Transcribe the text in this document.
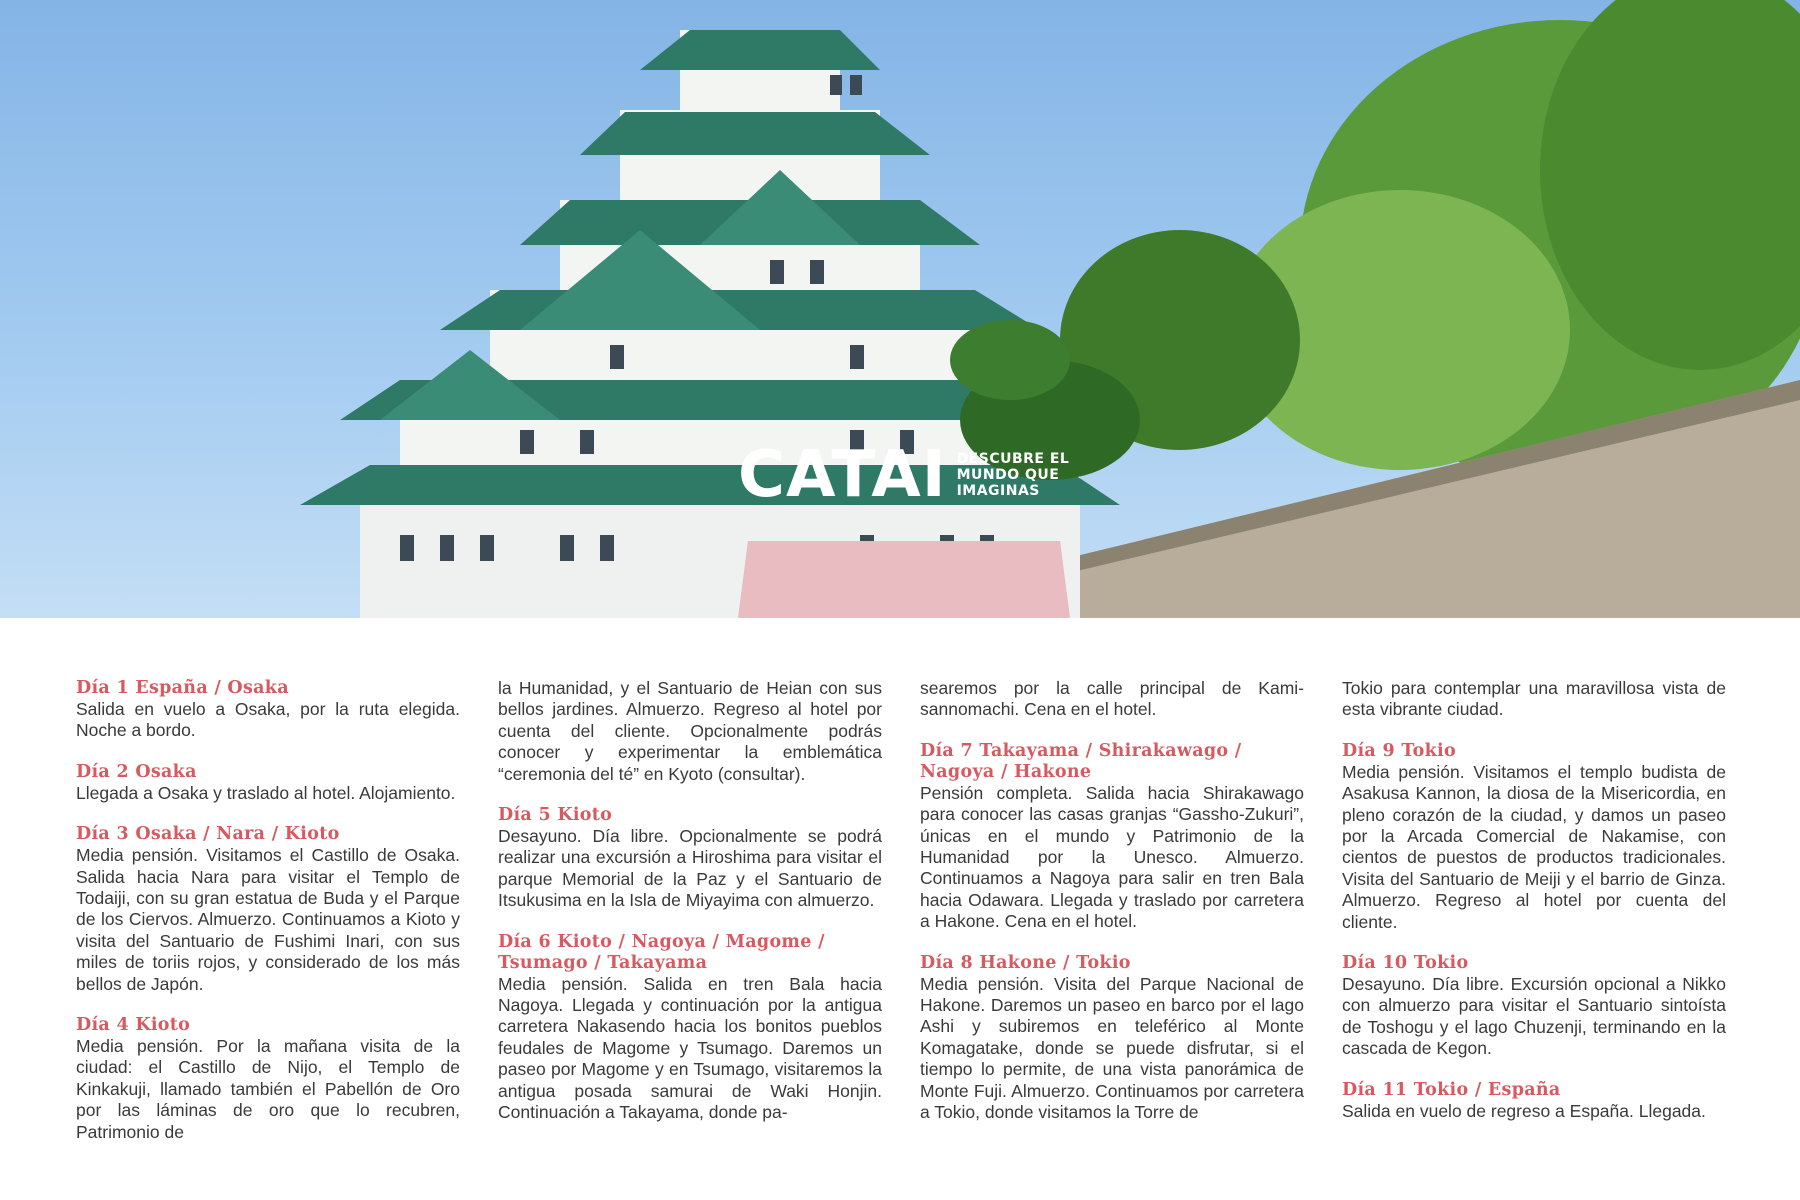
CATAI DESCUBRE EL
MUNDO QUE
IMAGINAS

Día 1 España / Osaka
Salida en vuelo a Osaka, por la ruta elegida. Noche a bordo.

Día 2 Osaka
Llegada a Osaka y traslado al hotel. Alojamiento.

Día 3 Osaka / Nara / Kioto
Media pensión. Visitamos el Castillo de Osaka. Salida hacia Nara para visitar el Templo de Todaiji, con su gran estatua de Buda y el Parque de los Ciervos. Almuerzo. Continuamos a Kioto y visita del Santuario de Fushimi Inari, con sus miles de toriis rojos, y considerado de los más bellos de Japón.

Día 4 Kioto
Media pensión. Por la mañana visita de la ciudad: el Castillo de Nijo, el Templo de Kinkakuji, llamado también el Pabellón de Oro por las láminas de oro que lo recubren, Patrimonio de

la Humanidad, y el Santuario de Heian con sus bellos jardines. Almuerzo. Regreso al hotel por cuenta del cliente. Opcionalmente podrás conocer y experimentar la emblemática “ceremonia del té” en Kyoto (consultar).

Día 5 Kioto
Desayuno. Día libre. Opcionalmente se podrá realizar una excursión a Hiroshima para visitar el parque Memorial de la Paz y el Santuario de Itsukusima en la Isla de Miyayima con almuerzo.

Día 6 Kioto / Nagoya / Magome / Tsumago / Takayama
Media pensión. Salida en tren Bala hacia Nagoya. Llegada y continuación por la antigua carretera Nakasendo hacia los bonitos pueblos feudales de Magome y Tsumago. Daremos un paseo por Magome y en Tsumago, visitaremos la antigua posada samurai de Waki Honjin. Continuación a Takayama, donde pa-

searemos por la calle principal de Kami-sannomachi. Cena en el hotel.

Día 7 Takayama / Shirakawago / Nagoya / Hakone
Pensión completa. Salida hacia Shirakawago para conocer las casas granjas “Gassho-Zukuri”, únicas en el mundo y Patrimonio de la Humanidad por la Unesco. Almuerzo. Continuamos a Nagoya para salir en tren Bala hacia Odawara. Llegada y traslado por carretera a Hakone. Cena en el hotel.

Día 8 Hakone / Tokio
Media pensión. Visita del Parque Nacional de Hakone. Daremos un paseo en barco por el lago Ashi y subiremos en teleférico al Monte Komagatake, donde se puede disfrutar, si el tiempo lo permite, de una vista panorámica de Monte Fuji. Almuerzo. Continuamos por carretera a Tokio, donde visitamos la Torre de

Tokio para contemplar una maravillosa vista de esta vibrante ciudad.

Día 9 Tokio
Media pensión. Visitamos el templo budista de Asakusa Kannon, la diosa de la Misericordia, en pleno corazón de la ciudad, y damos un paseo por la Arcada Comercial de Nakamise, con cientos de puestos de productos tradicionales. Visita del Santuario de Meiji y el barrio de Ginza. Almuerzo. Regreso al hotel por cuenta del cliente.

Día 10 Tokio
Desayuno. Día libre. Excursión opcional a Nikko con almuerzo para visitar el Santuario sintoísta de Toshogu y el lago Chuzenji, terminando en la cascada de Kegon.

Día 11 Tokio / España
Salida en vuelo de regreso a España. Llegada.
